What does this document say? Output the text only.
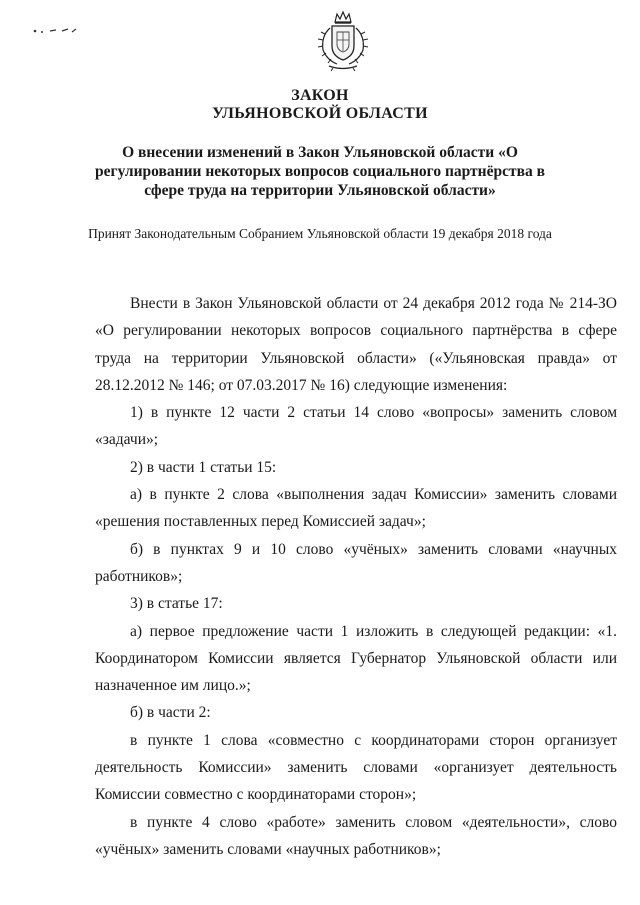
ЗАКОН
УЛЬЯНОВСКОЙ ОБЛАСТИ
О внесении изменений в Закон Ульяновской области «О регулировании некоторых вопросов социального партнёрства в сфере труда на территории Ульяновской области»
Принят Законодательным Собранием Ульяновской области 19 декабря 2018 года

Внести в Закон Ульяновской области от 24 декабря 2012 года № 214-ЗО «О регулировании некоторых вопросов социального партнёрства в сфере труда на территории Ульяновской области» («Ульяновская правда» от 28.12.2012 № 146; от 07.03.2017 № 16) следующие изменения:

1) в пункте 12 части 2 статьи 14 слово «вопросы» заменить словом «задачи»;

2) в части 1 статьи 15:

а) в пункте 2 слова «выполнения задач Комиссии» заменить словами «решения поставленных перед Комиссией задач»;

б) в пунктах 9 и 10 слово «учёных» заменить словами «научных работников»;

3) в статье 17:

а) первое предложение части 1 изложить в следующей редакции: «1. Координатором Комиссии является Губернатор Ульяновской области или назначенное им лицо.»;

б) в части 2:

в пункте 1 слова «совместно с координаторами сторон организует деятельность Комиссии» заменить словами «организует деятельность Комиссии совместно с координаторами сторон»;

в пункте 4 слово «работе» заменить словом «деятельности», слово «учёных» заменить словами «научных работников»;
